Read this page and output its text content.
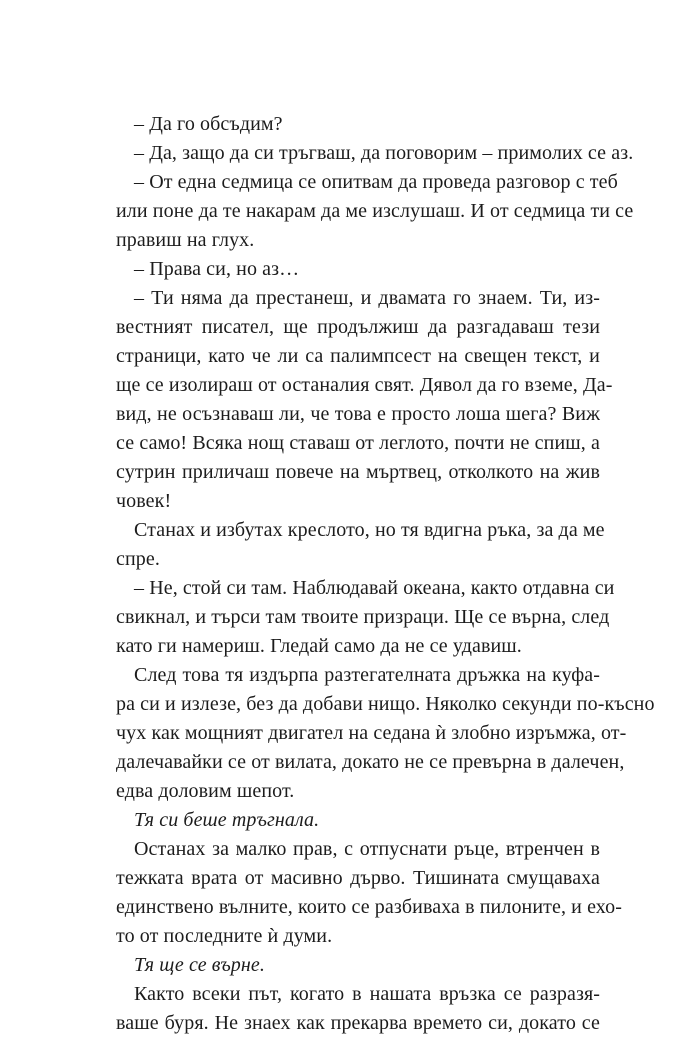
– Да го обсъдим?
– Да, защо да си тръгваш, да поговорим – примолих се аз.
– От една седмица се опитвам да проведа разговор с теб
или поне да те накарам да ме изслушаш. И от седмица ти се
правиш на глух.
– Права си, но аз…
– Ти няма да престанеш, и двамата го знаем. Ти, из-
вестният писател, ще продължиш да разгадаваш тези
страници, като че ли са палимпсест на свещен текст, и
ще се изолираш от останалия свят. Дявол да го вземе, Да-
вид, не осъзнаваш ли, че това е просто лоша шега? Виж
се само! Всяка нощ ставаш от леглото, почти не спиш, а
сутрин приличаш повече на мъртвец, отколкото на жив
човек!
Станах и избутах креслото, но тя вдигна ръка, за да ме
спре.
– Не, стой си там. Наблюдавай океана, както отдавна си
свикнал, и търси там твоите призраци. Ще се върна, след
като ги намериш. Гледай само да не се удавиш.
След това тя издърпа разтегателната дръжка на куфа-
ра си и излезе, без да добави нищо. Няколко секунди по-късно
чух как мощният двигател на седана ѝ злобно изръмжа, от-
далечавайки се от вилата, докато не се превърна в далечен,
едва доловим шепот.
Тя си беше тръгнала.
Останах за малко прав, с отпуснати ръце, втренчен в
тежката врата от масивно дърво. Тишината смущаваха
единствено вълните, които се разбиваха в пилоните, и ехо-
то от последните ѝ думи.
Тя ще се върне.
Както всеки път, когато в нашата връзка се разразя-
ваше буря. Не знаех как прекарва времето си, докато се
